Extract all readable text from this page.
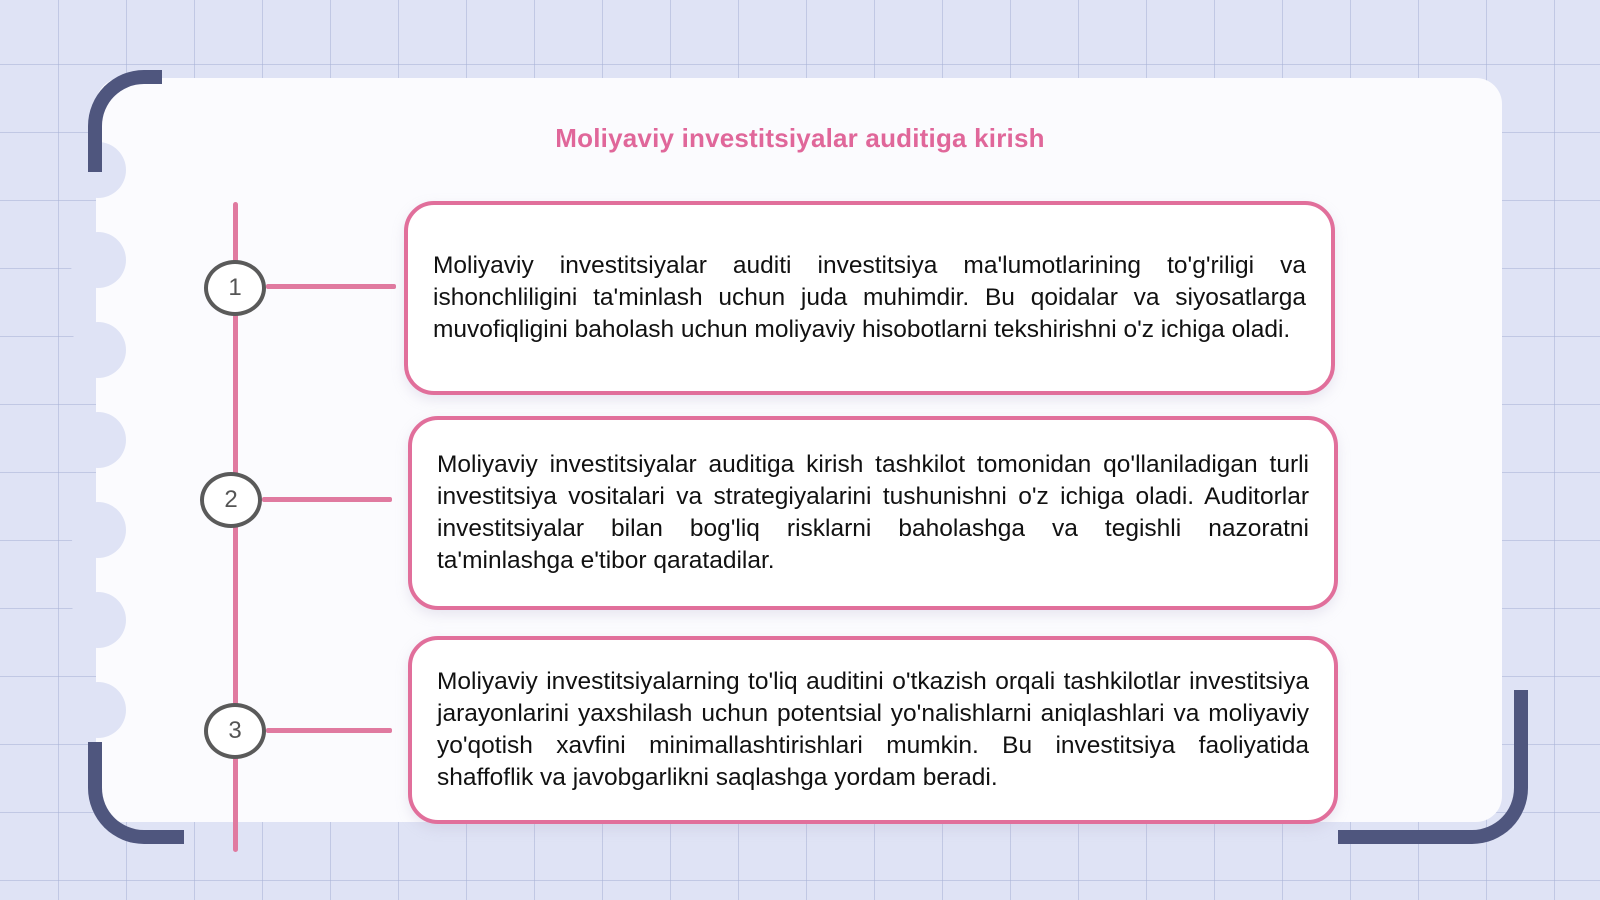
Moliyaviy investitsiyalar auditiga kirish
1

Moliyaviy investitsiyalar auditi investitsiya ma'lumotlarining to'g'riligi va ishonchliligini ta'minlash uchun juda muhimdir. Bu qoidalar va siyosatlarga muvofiqligini baholash uchun moliyaviy hisobotlarni tekshirishni o'z ichiga oladi.

2

Moliyaviy investitsiyalar auditiga kirish tashkilot tomonidan qo'llaniladigan turli investitsiya vositalari va strategiyalarini tushunishni o'z ichiga oladi. Auditorlar investitsiyalar bilan bog'liq risklarni baholashga va tegishli nazoratni ta'minlashga e'tibor qaratadilar.

3

Moliyaviy investitsiyalarning to'liq auditini o'tkazish orqali tashkilotlar investitsiya jarayonlarini yaxshilash uchun potentsial yo'nalishlarni aniqlashlari va moliyaviy yo'qotish xavfini minimallashtirishlari mumkin. Bu investitsiya faoliyatida shaffoflik va javobgarlikni saqlashga yordam beradi.
